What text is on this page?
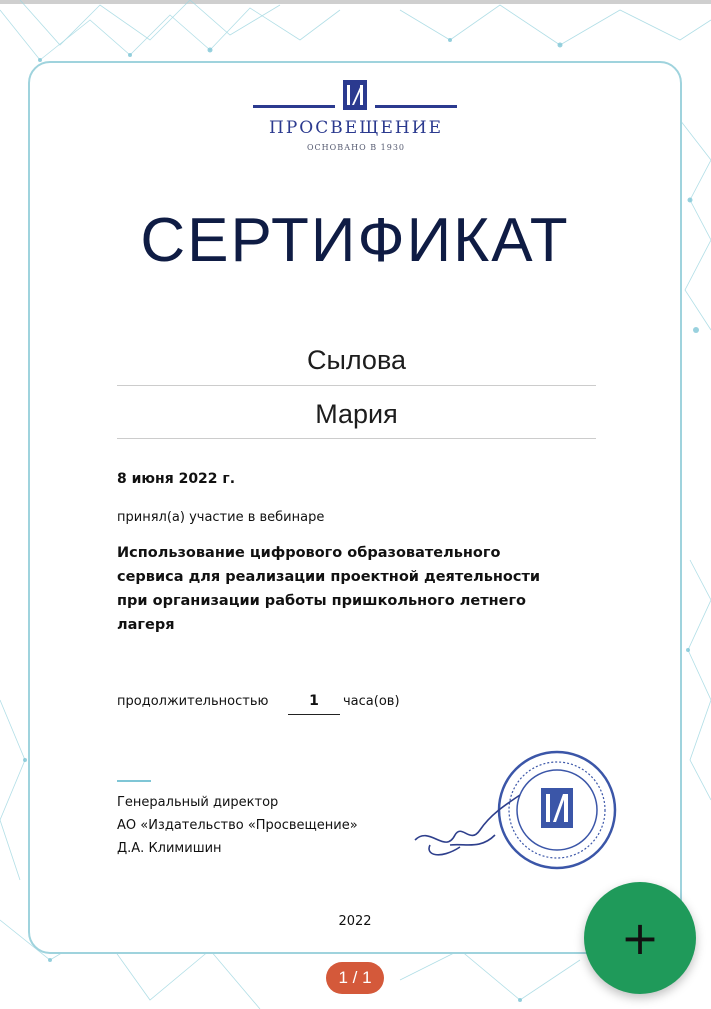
ПРОСВЕЩЕНИЕ
ОСНОВАНО В 1930
СЕРТИФИКАТ
Сылова
Мария
8 июня 2022 г.
принял(а) участие в вебинаре
Использование цифрового образовательного
сервиса для реализации проектной деятельности
при организации работы пришкольного летнего
лагеря
продолжительностью	1	часа(ов)
Генеральный директор
АО «Издательство «Просвещение»
Д.А. Климишин
2022
1 / 1
+
